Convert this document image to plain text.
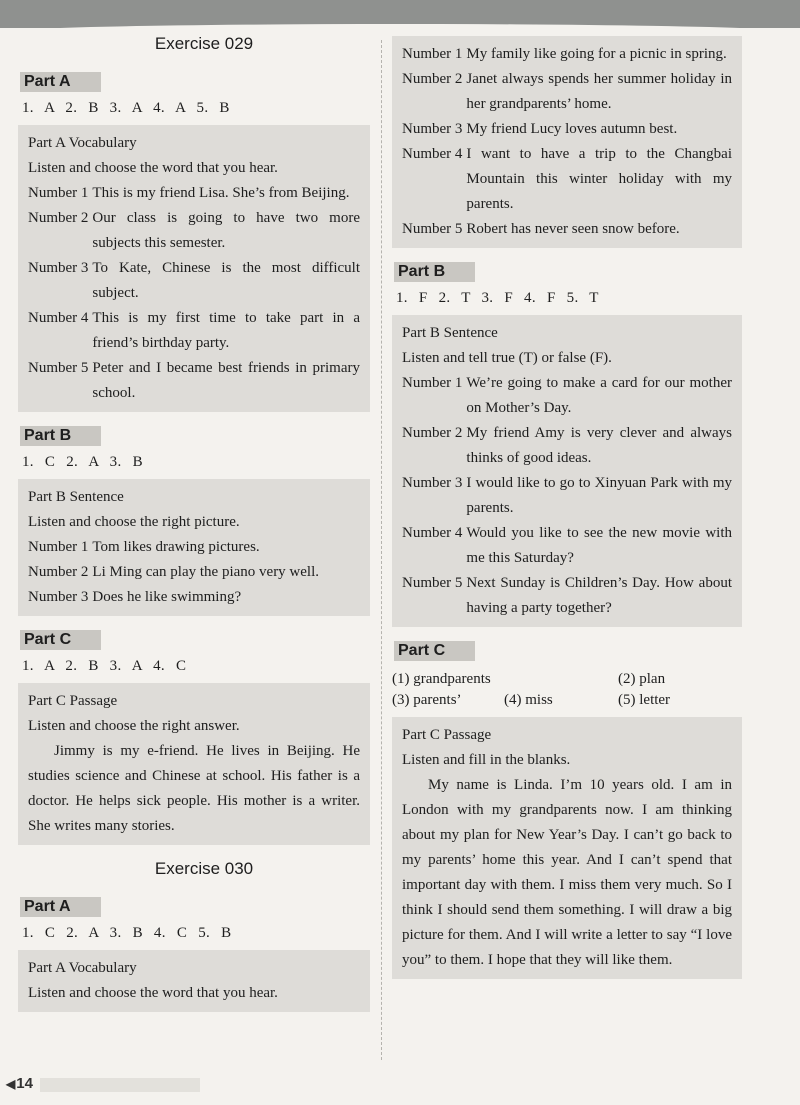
Exercise 029
Part A
1. A 2. B 3. A 4. A 5. B
Part A Vocabulary
Listen and choose the word that you hear.
Number 1 This is my friend Lisa. She’s from Beijing.
Number 2 Our class is going to have two more subjects this semester.
Number 3 To Kate, Chinese is the most difficult subject.
Number 4 This is my first time to take part in a friend’s birthday party.
Number 5 Peter and I became best friends in primary school.
Part B
1. C 2. A 3. B
Part B Sentence
Listen and choose the right picture.
Number 1 Tom likes drawing pictures.
Number 2 Li Ming can play the piano very well.
Number 3 Does he like swimming?
Part C
1. A 2. B 3. A 4. C
Part C Passage
Listen and choose the right answer.
Jimmy is my e-friend. He lives in Beijing. He studies science and Chinese at school. His father is a doctor. He helps sick people. His mother is a writer. She writes many stories.
Exercise 030
Part A
1. C 2. A 3. B 4. C 5. B
Part A Vocabulary
Listen and choose the word that you hear.
Number 1 My family like going for a picnic in spring.
Number 2 Janet always spends her summer holiday in her grandparents’ home.
Number 3 My friend Lucy loves autumn best.
Number 4 I want to have a trip to the Changbai Mountain this winter holiday with my parents.
Number 5 Robert has never seen snow before.
Part B
1. F 2. T 3. F 4. F 5. T
Part B Sentence
Listen and tell true (T) or false (F).
Number 1 We’re going to make a card for our mother on Mother’s Day.
Number 2 My friend Amy is very clever and always thinks of good ideas.
Number 3 I would like to go to Xinyuan Park with my parents.
Number 4 Would you like to see the new movie with me this Saturday?
Number 5 Next Sunday is Children’s Day. How about having a party together?
Part C
(1) grandparents	(2) plan
(3) parents’	(4) miss	(5) letter
Part C Passage
Listen and fill in the blanks.
My name is Linda. I’m 10 years old. I am in London with my grandparents now. I am thinking about my plan for New Year’s Day. I can’t go back to my parents’ home this year. And I can’t spend that important day with them. I miss them very much. So I think I should send them something. I will draw a big picture for them. And I will write a letter to say “I love you” to them. I hope that they will like them.
◀ 14
